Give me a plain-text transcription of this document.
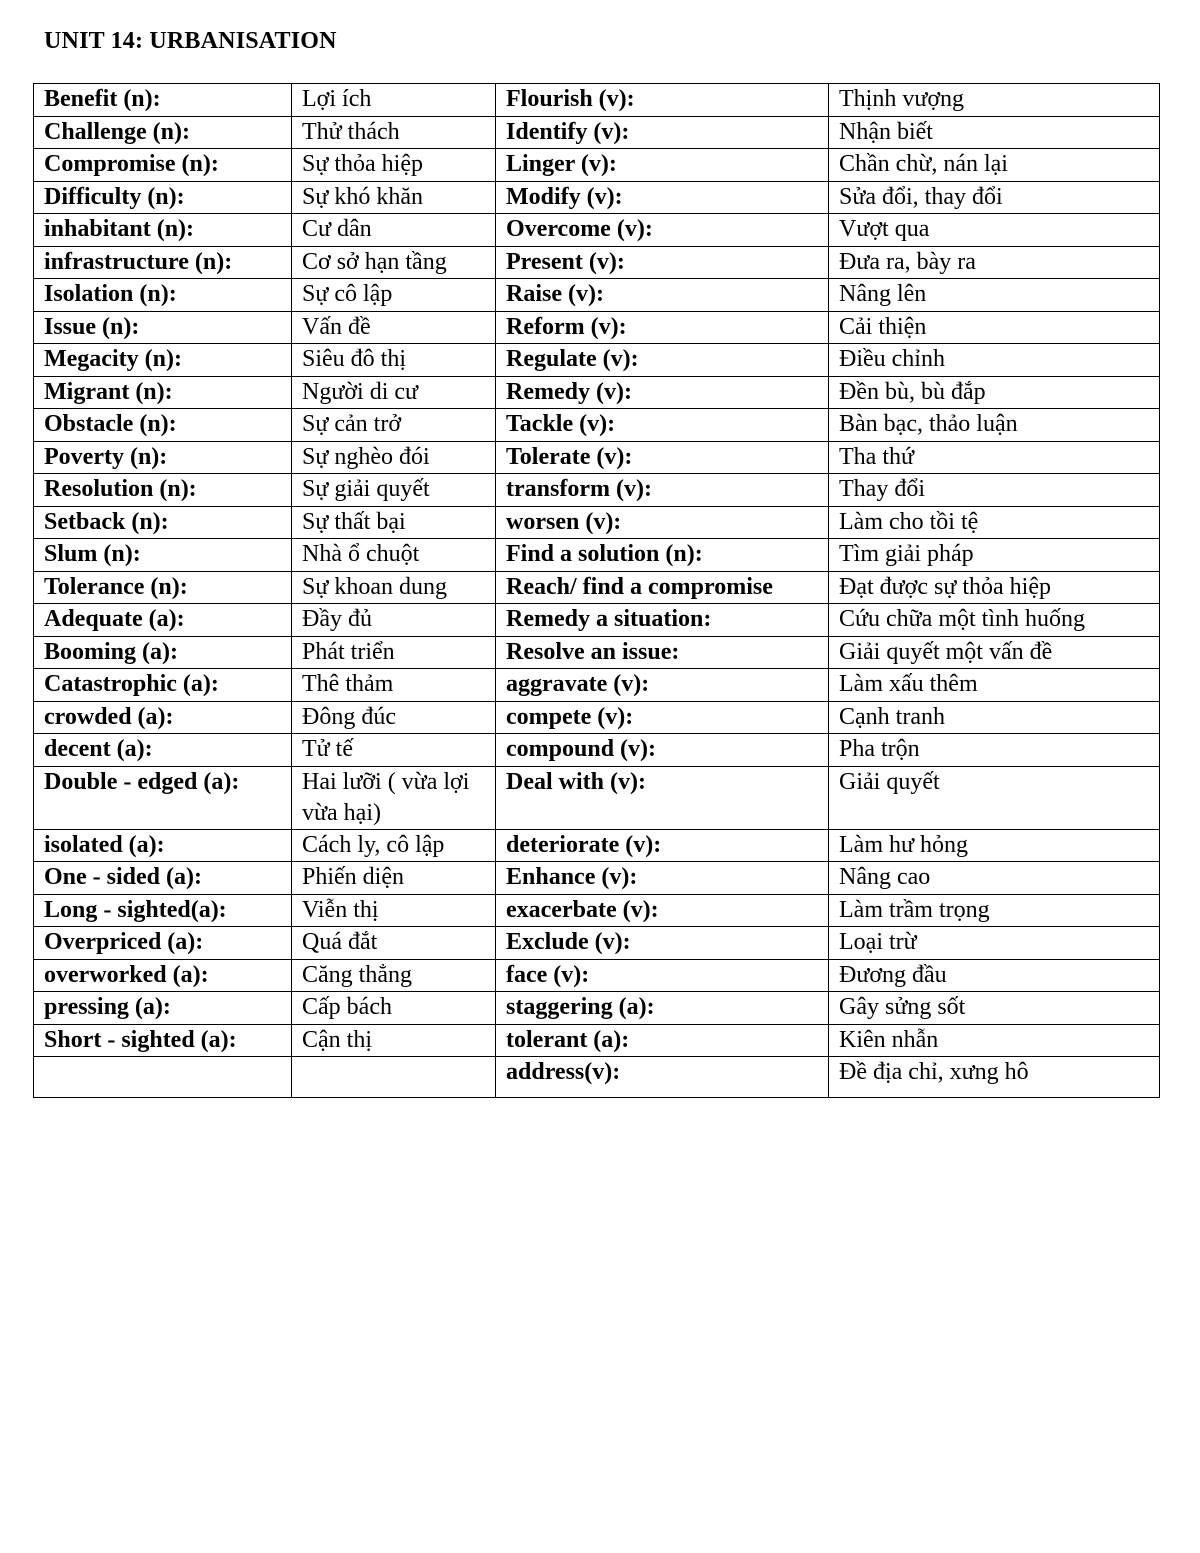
UNIT 14: URBANISATION
Benefit (n):	Lợi ích	Flourish (v):	Thịnh vượng
Challenge (n):	Thử thách	Identify (v):	Nhận biết
Compromise (n):	Sự thỏa hiệp	Linger (v):	Chần chừ, nán lại
Difficulty (n):	Sự khó khăn	Modify (v):	Sửa đổi, thay đổi
inhabitant (n):	Cư dân	Overcome (v):	Vượt qua
infrastructure (n):	Cơ sở hạn tầng	Present (v):	Đưa ra, bày ra
Isolation (n):	Sự cô lập	Raise (v):	Nâng lên
Issue (n):	Vấn đề	Reform (v):	Cải thiện
Megacity (n):	Siêu đô thị	Regulate (v):	Điều chỉnh
Migrant (n):	Người di cư	Remedy (v):	Đền bù, bù đắp
Obstacle (n):	Sự cản trở	Tackle (v):	Bàn bạc, thảo luận
Poverty (n):	Sự nghèo đói	Tolerate (v):	Tha thứ
Resolution (n):	Sự giải quyết	transform (v):	Thay đổi
Setback (n):	Sự thất bại	worsen (v):	Làm cho tồi tệ
Slum (n):	Nhà ổ chuột	Find a solution (n):	Tìm giải pháp
Tolerance (n):	Sự khoan dung	Reach/ find a compromise	Đạt được sự thỏa hiệp
Adequate (a):	Đầy đủ	Remedy a situation:	Cứu chữa một tình huống
Booming (a):	Phát triển	Resolve an issue:	Giải quyết một vấn đề
Catastrophic (a):	Thê thảm	aggravate (v):	Làm xấu thêm
crowded (a):	Đông đúc	compete (v):	Cạnh tranh
decent (a):	Tử tế	compound (v):	Pha trộn
Double - edged (a):	Hai lưỡi ( vừa lợi vừa hại)	Deal with (v):	Giải quyết
isolated (a):	Cách ly, cô lập	deteriorate (v):	Làm hư hỏng
One - sided (a):	Phiến diện	Enhance (v):	Nâng cao
Long - sighted(a):	Viễn thị	exacerbate (v):	Làm trầm trọng
Overpriced (a):	Quá đắt	Exclude (v):	Loại trừ
overworked (a):	Căng thẳng	face (v):	Đương đầu
pressing (a):	Cấp bách	staggering (a):	Gây sửng sốt
Short - sighted (a):	Cận thị	tolerant (a):	Kiên nhẫn
		address(v):	Đề địa chỉ, xưng hô
